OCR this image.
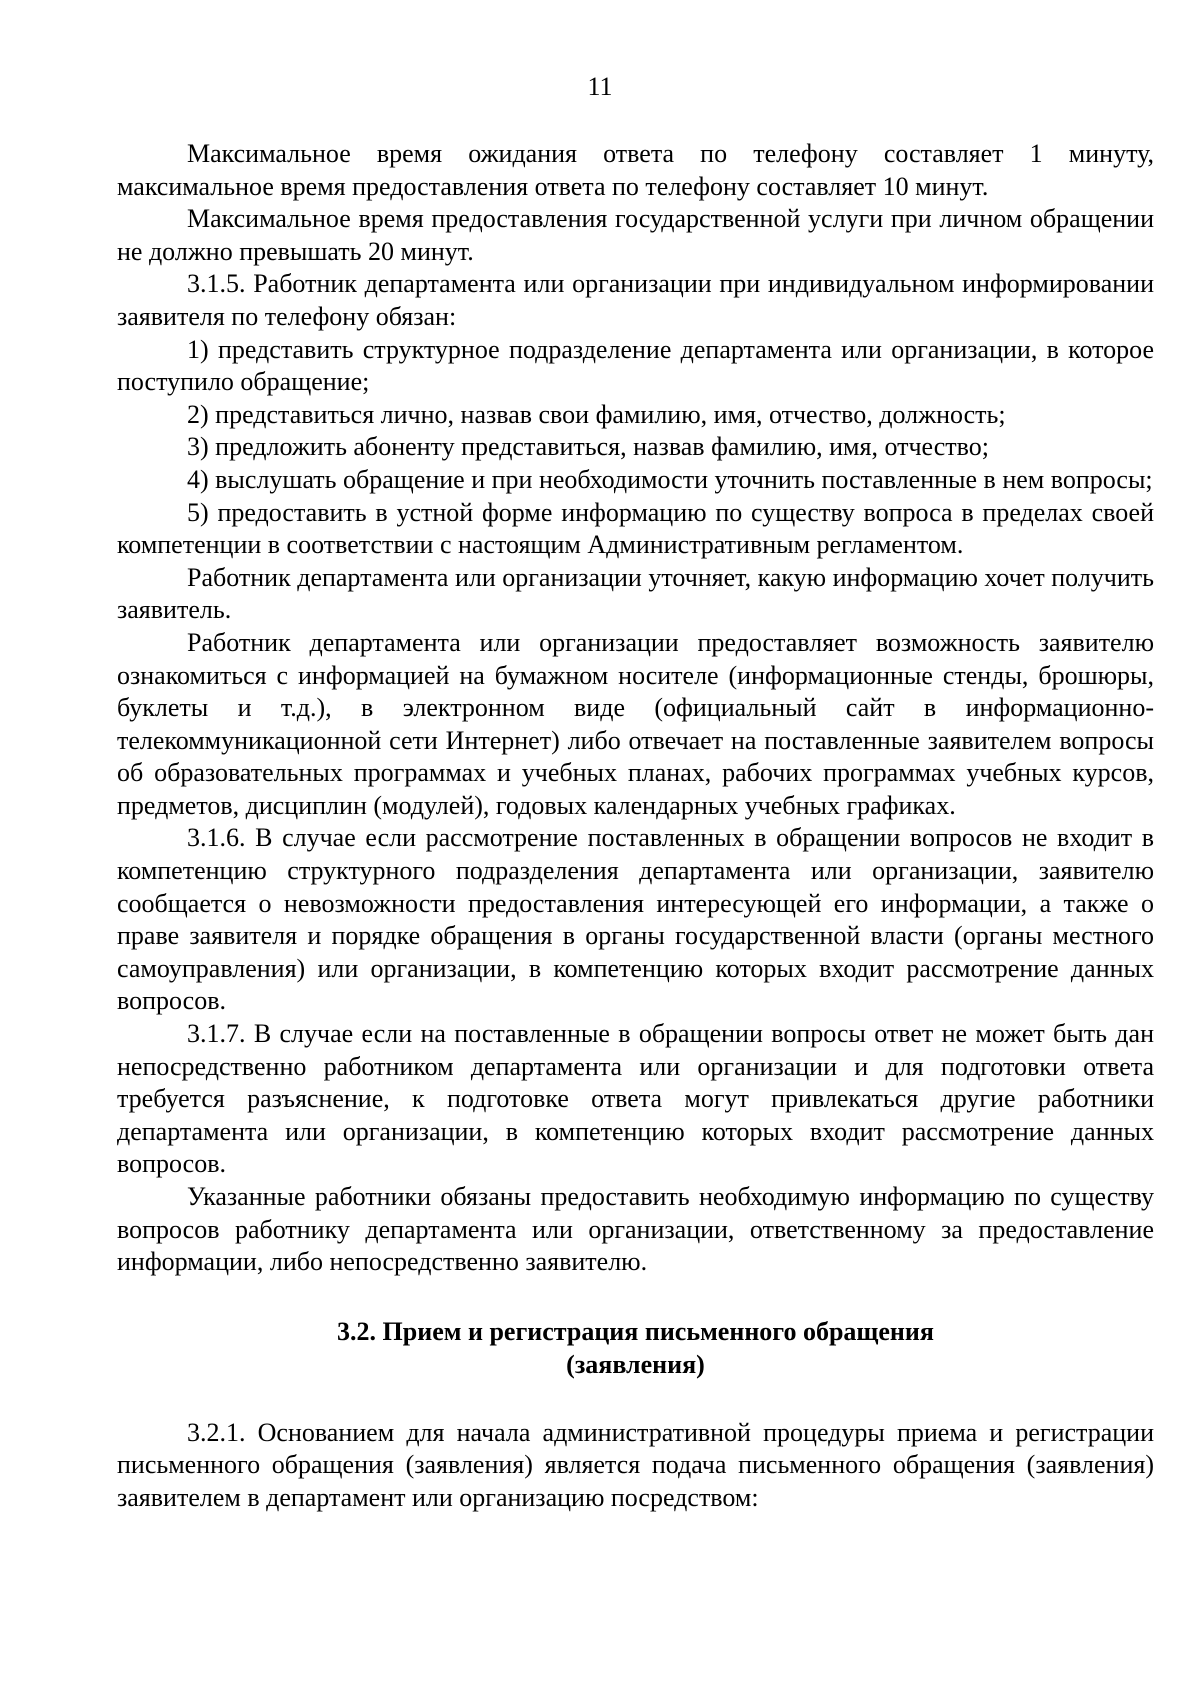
11

Максимальное время ожидания ответа по телефону составляет 1 минуту, максимальное время предоставления ответа по телефону составляет 10 минут.

Максимальное время предоставления государственной услуги при личном обращении не должно превышать 20 минут.

3.1.5. Работник департамента или организации при индивидуальном информировании заявителя по телефону обязан:

1) представить структурное подразделение департамента или организации, в которое поступило обращение;

2) представиться лично, назвав свои фамилию, имя, отчество, должность;

3) предложить абоненту представиться, назвав фамилию, имя, отчество;

4) выслушать обращение и при необходимости уточнить поставленные в нем вопросы;

5) предоставить в устной форме информацию по существу вопроса в пределах своей компетенции в соответствии с настоящим Административным регламентом.

Работник департамента или организации уточняет, какую информацию хочет получить заявитель.

Работник департамента или организации предоставляет возможность заявителю ознакомиться с информацией на бумажном носителе (информационные стенды, брошюры, буклеты и т.д.), в электронном виде (официальный сайт в информационно-телекоммуникационной сети Интернет) либо отвечает на поставленные заявителем вопросы об образовательных программах и учебных планах, рабочих программах учебных курсов, предметов, дисциплин (модулей), годовых календарных учебных графиках.

3.1.6. В случае если рассмотрение поставленных в обращении вопросов не входит в компетенцию структурного подразделения департамента или организации, заявителю сообщается о невозможности предоставления интересующей его информации, а также о праве заявителя и порядке обращения в органы государственной власти (органы местного самоуправления) или организации, в компетенцию которых входит рассмотрение данных вопросов.

3.1.7. В случае если на поставленные в обращении вопросы ответ не может быть дан непосредственно работником департамента или организации и для подготовки ответа требуется разъяснение, к подготовке ответа могут привлекаться другие работники департамента или организации, в компетенцию которых входит рассмотрение данных вопросов.

Указанные работники обязаны предоставить необходимую информацию по существу вопросов работнику департамента или организации, ответственному за предоставление информации, либо непосредственно заявителю.

3.2. Прием и регистрация письменного обращения
(заявления)

3.2.1. Основанием для начала административной процедуры приема и регистрации письменного обращения (заявления) является подача письменного обращения (заявления) заявителем в департамент или организацию посредством:
